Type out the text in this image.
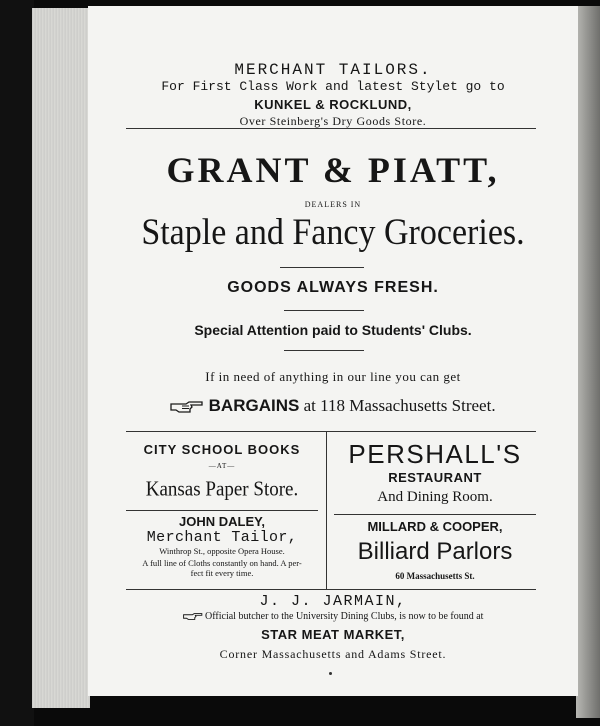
MERCHANT TAILORS.
For First Class Work and latest Stylet go to
KUNKEL & ROCKLUND,
Over Steinberg's Dry Goods Store.
GRANT & PIATT,
DEALERS IN
Staple and Fancy Groceries.
GOODS ALWAYS FRESH.
Special Attention paid to Students' Clubs.
If in need of anything in our line you can get
BARGAINS at 118 Massachusetts Street.
CITY SCHOOL BOOKS
—AT—
Kansas Paper Store.
PERSHALL'S
RESTAURANT
And Dining Room.
JOHN DALEY,
Merchant Tailor,
Winthrop St., opposite Opera House.
A full line of Cloths constantly on hand. A per-
fect fit every time.
MILLARD & COOPER,
Billiard Parlors
60 Massachusetts St.
J. J. JARMAIN,
Official butcher to the University Dining Clubs, is now to be found at
STAR MEAT MARKET,
Corner Massachusetts and Adams Street.
